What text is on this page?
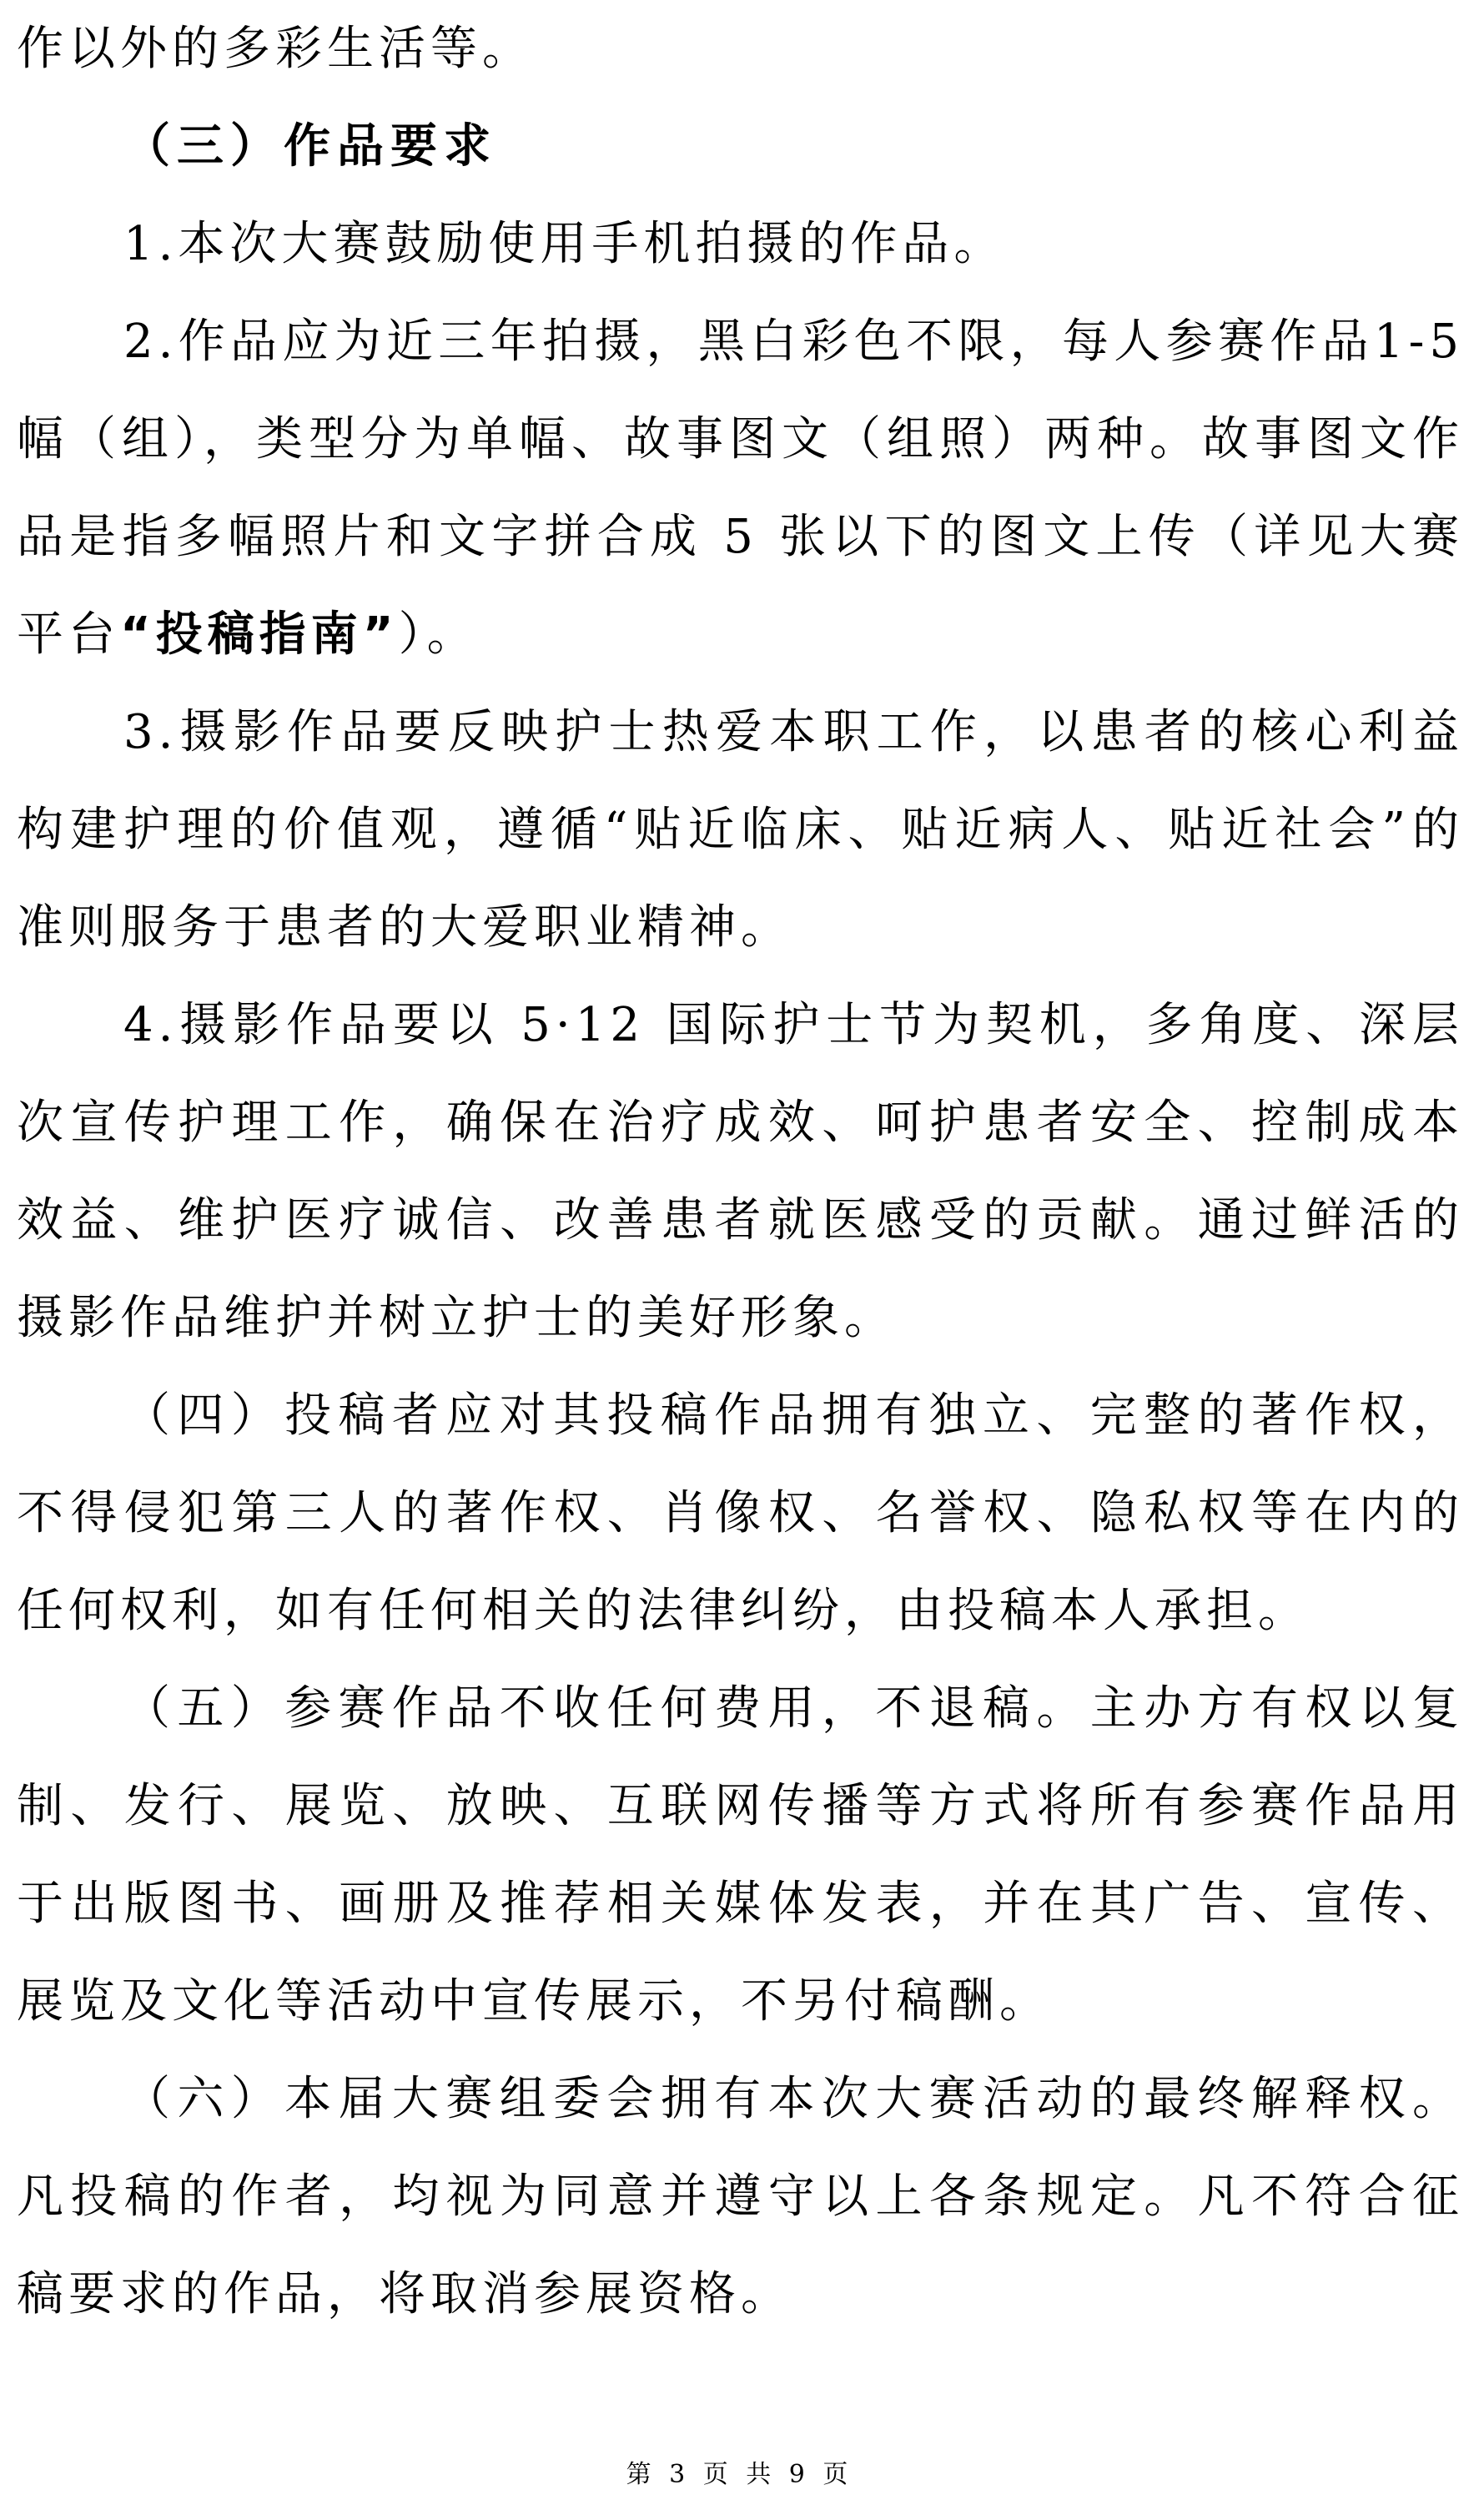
作以外的多彩生活等。

（三）作品要求

1.本次大赛鼓励使用手机拍摄的作品。

2.作品应为近三年拍摄，黑白彩色不限，每人参赛作品1-5幅（组），类型分为单幅、故事图文（组照）两种。故事图文作品是指多幅照片和文字拼合成 5 张以下的图文上传（详见大赛平台“投稿指南”）。

3.摄影作品要反映护士热爱本职工作，以患者的核心利益构建护理的价值观，遵循“贴近临床、贴近病人、贴近社会”的准则服务于患者的大爱职业精神。

4.摄影作品要以 5·12 国际护士节为契机，多角度、深层次宣传护理工作，确保在治疗成效、呵护患者安全、控制成本效益、维护医疗诚信、改善患者就医感受的贡献。通过鲜活的摄影作品维护并树立护士的美好形象。

（四）投稿者应对其投稿作品拥有独立、完整的著作权，不得侵犯第三人的著作权、肖像权、名誉权、隐私权等在内的任何权利，如有任何相关的法律纠纷，由投稿本人承担。

（五）参赛作品不收任何费用，不退稿。主办方有权以复制、发行、展览、放映、互联网传播等方式将所有参赛作品用于出版图书、画册及推荐相关媒体发表，并在其广告、宣传、展览及文化等活动中宣传展示，不另付稿酬。

（六）本届大赛组委会拥有本次大赛活动的最终解释权。凡投稿的作者，均视为同意并遵守以上各条规定。凡不符合征稿要求的作品，将取消参展资格。

第 3 页 共 9 页
